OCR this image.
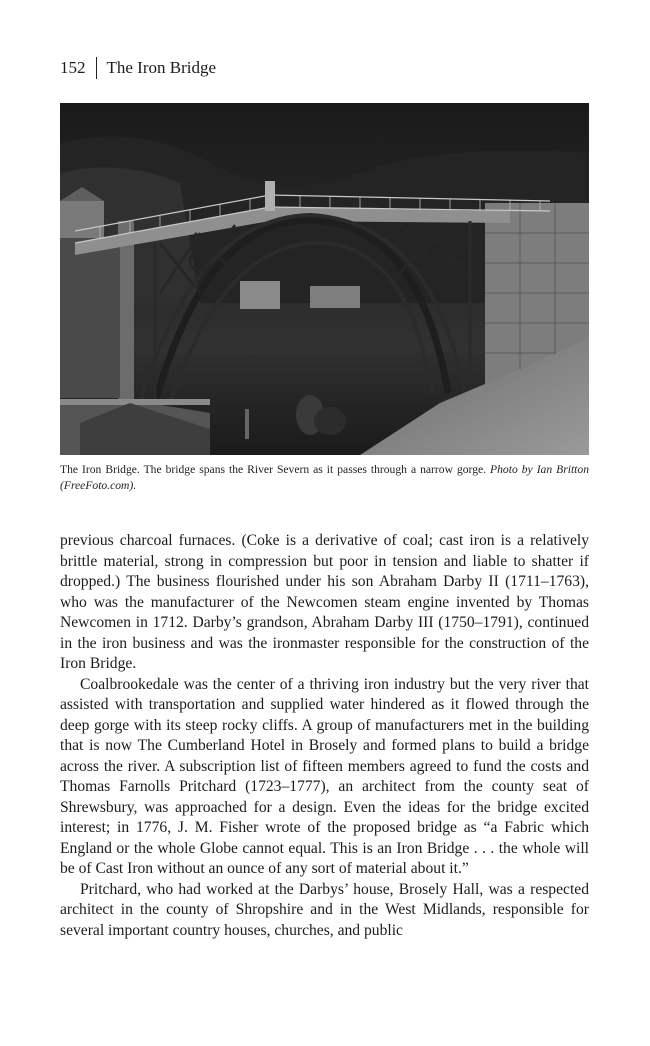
152 The Iron Bridge
The Iron Bridge. The bridge spans the River Severn as it passes through a narrow gorge. Photo by Ian Britton (FreeFoto.com).

previous charcoal furnaces. (Coke is a derivative of coal; cast iron is a relatively brittle material, strong in compression but poor in tension and liable to shatter if dropped.) The business flourished under his son Abraham Darby II (1711–1763), who was the manufacturer of the Newcomen steam engine invented by Thomas Newcomen in 1712. Darby’s grandson, Abraham Darby III (1750–1791), continued in the iron business and was the ironmaster responsible for the construction of the Iron Bridge.

Coalbrookedale was the center of a thriving iron industry but the very river that assisted with transportation and supplied water hindered as it flowed through the deep gorge with its steep rocky cliffs. A group of manufacturers met in the building that is now The Cumberland Hotel in Brosely and formed plans to build a bridge across the river. A subscription list of fifteen members agreed to fund the costs and Thomas Farnolls Pritchard (1723–1777), an architect from the county seat of Shrewsbury, was approached for a design. Even the ideas for the bridge excited interest; in 1776, J. M. Fisher wrote of the proposed bridge as “a Fabric which England or the whole Globe cannot equal. This is an Iron Bridge . . . the whole will be of Cast Iron without an ounce of any sort of material about it.”

Pritchard, who had worked at the Darbys’ house, Brosely Hall, was a respected architect in the county of Shropshire and in the West Midlands, responsible for several important country houses, churches, and public
